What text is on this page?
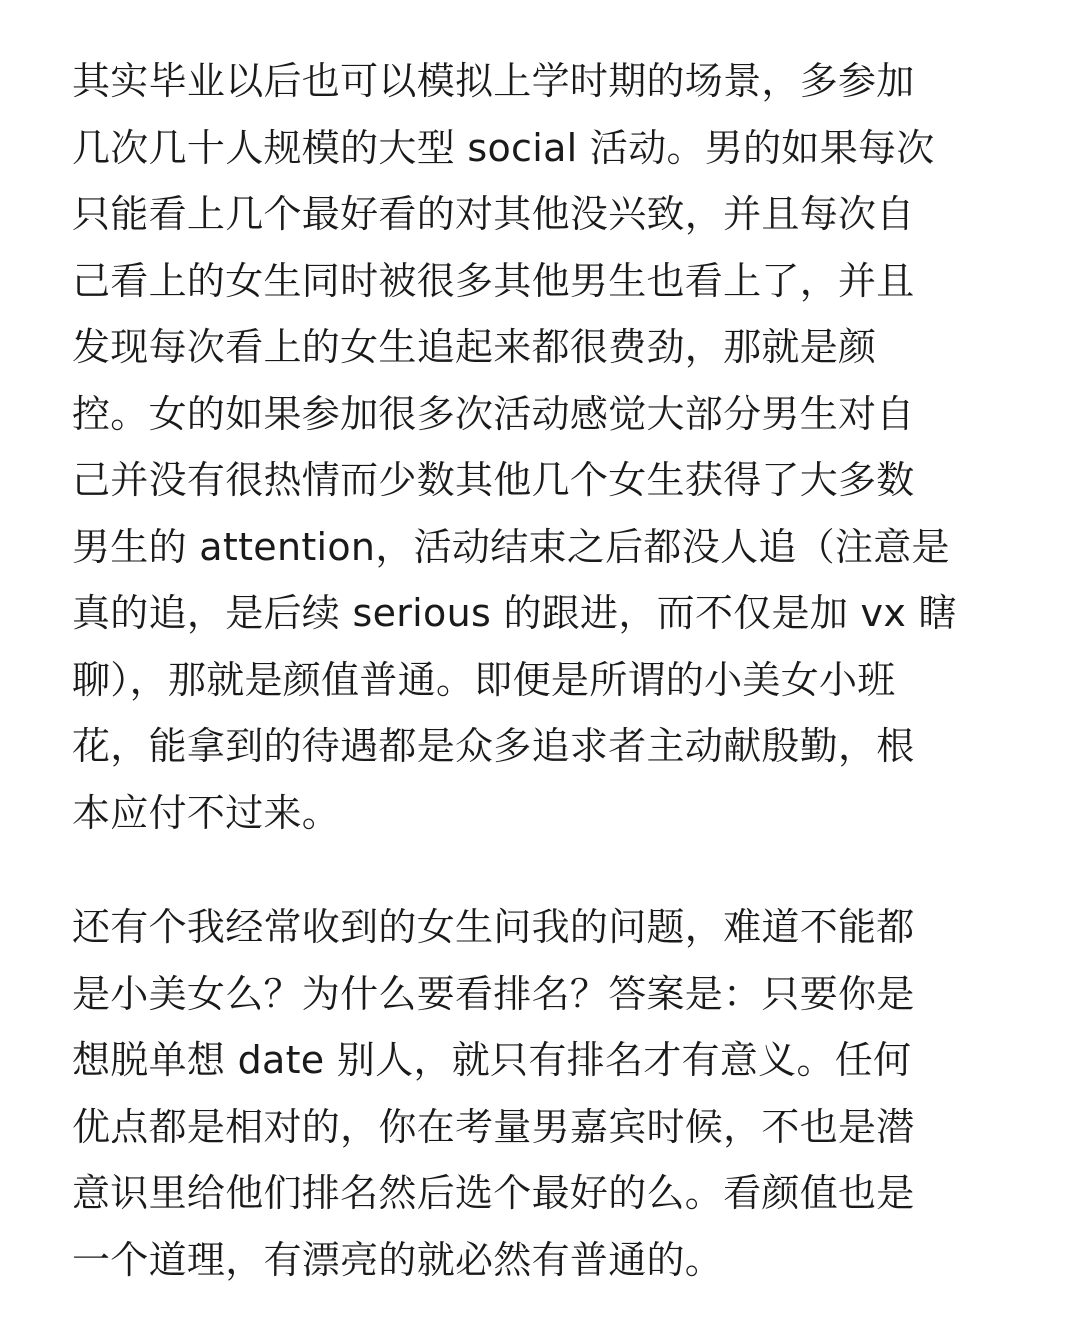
其实毕业以后也可以模拟上学时期的场景，多参加
几次几十人规模的大型 social 活动。男的如果每次
只能看上几个最好看的对其他没兴致，并且每次自
己看上的女生同时被很多其他男生也看上了，并且
发现每次看上的女生追起来都很费劲，那就是颜
控。女的如果参加很多次活动感觉大部分男生对自
己并没有很热情而少数其他几个女生获得了大多数
男生的 attention，活动结束之后都没人追（注意是
真的追，是后续 serious 的跟进，而不仅是加 vx 瞎
聊），那就是颜值普通。即便是所谓的小美女小班
花，能拿到的待遇都是众多追求者主动献殷勤，根
本应付不过来。
还有个我经常收到的女生问我的问题，难道不能都
是小美女么？为什么要看排名？答案是：只要你是
想脱单想 date 别人，就只有排名才有意义。任何
优点都是相对的，你在考量男嘉宾时候，不也是潜
意识里给他们排名然后选个最好的么。看颜值也是
一个道理，有漂亮的就必然有普通的。
